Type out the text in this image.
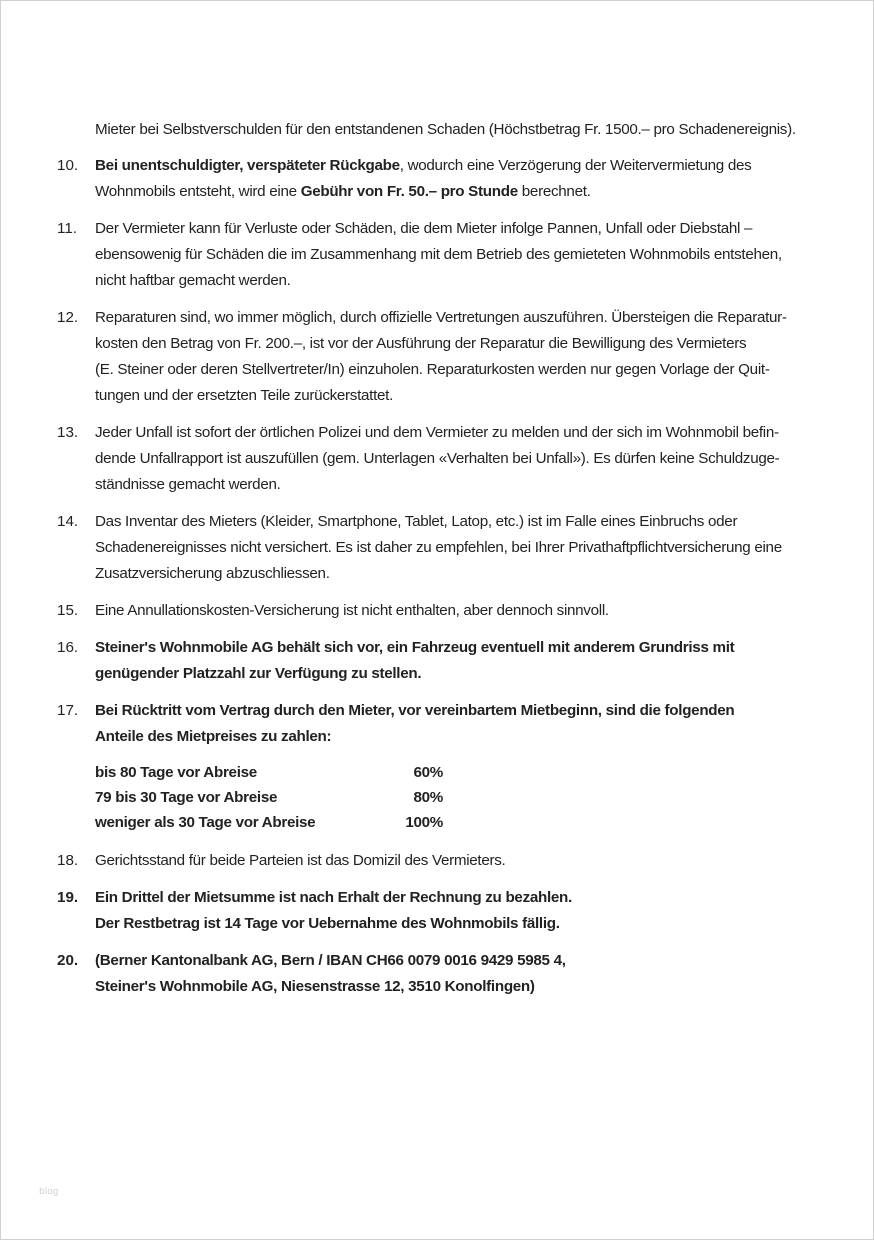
Mieter bei Selbstverschulden für den entstandenen Schaden (Höchstbetrag Fr. 1500.– pro Schadenereignis).
10.	Bei unentschuldigter, verspäteter Rückgabe, wodurch eine Verzögerung der Weitervermietung des
Wohnmobils entsteht, wird eine Gebühr von Fr. 50.– pro Stunde berechnet.
11.	Der Vermieter kann für Verluste oder Schäden, die dem Mieter infolge Pannen, Unfall oder Diebstahl –
ebensowenig für Schäden die im Zusammenhang mit dem Betrieb des gemieteten Wohnmobils entstehen,
nicht haftbar gemacht werden.
12.	Reparaturen sind, wo immer möglich, durch offizielle Vertretungen auszuführen. Übersteigen die Reparatur-
kosten den Betrag von Fr. 200.–, ist vor der Ausführung der Reparatur die Bewilligung des Vermieters
(E. Steiner oder deren Stellvertreter/In) einzuholen. Reparaturkosten werden nur gegen Vorlage der Quit-
tungen und der ersetzten Teile zurückerstattet.
13.	Jeder Unfall ist sofort der örtlichen Polizei und dem Vermieter zu melden und der sich im Wohnmobil befin-
dende Unfallrapport ist auszufüllen (gem. Unterlagen «Verhalten bei Unfall»). Es dürfen keine Schuldzuge-
ständnisse gemacht werden.
14.	Das Inventar des Mieters (Kleider, Smartphone, Tablet, Latop, etc.) ist im Falle eines Einbruchs oder
Schadenereignisses nicht versichert. Es ist daher zu empfehlen, bei Ihrer Privathaftpflichtversicherung eine
Zusatzversicherung abzuschliessen.
15.	Eine Annullationskosten-Versicherung ist nicht enthalten, aber dennoch sinnvoll.
16.	Steiner's Wohnmobile AG behält sich vor, ein Fahrzeug eventuell mit anderem Grundriss mit
genügender Platzzahl zur Verfügung zu stellen.
17.	Bei Rücktritt vom Vertrag durch den Mieter, vor vereinbartem Mietbeginn, sind die folgenden
Anteile des Mietpreises zu zahlen:
bis 80 Tage vor Abreise	60%
79 bis 30 Tage vor Abreise	80%
weniger als 30 Tage vor Abreise	100%
18.	Gerichtsstand für beide Parteien ist das Domizil des Vermieters.
19.	Ein Drittel der Mietsumme ist nach Erhalt der Rechnung zu bezahlen.
Der Restbetrag ist 14 Tage vor Uebernahme des Wohnmobils fällig.
20.	(Berner Kantonalbank AG, Bern / IBAN CH66 0079 0016 9429 5985 4,
Steiner's Wohnmobile AG, Niesenstrasse 12, 3510 Konolfingen)
blog
